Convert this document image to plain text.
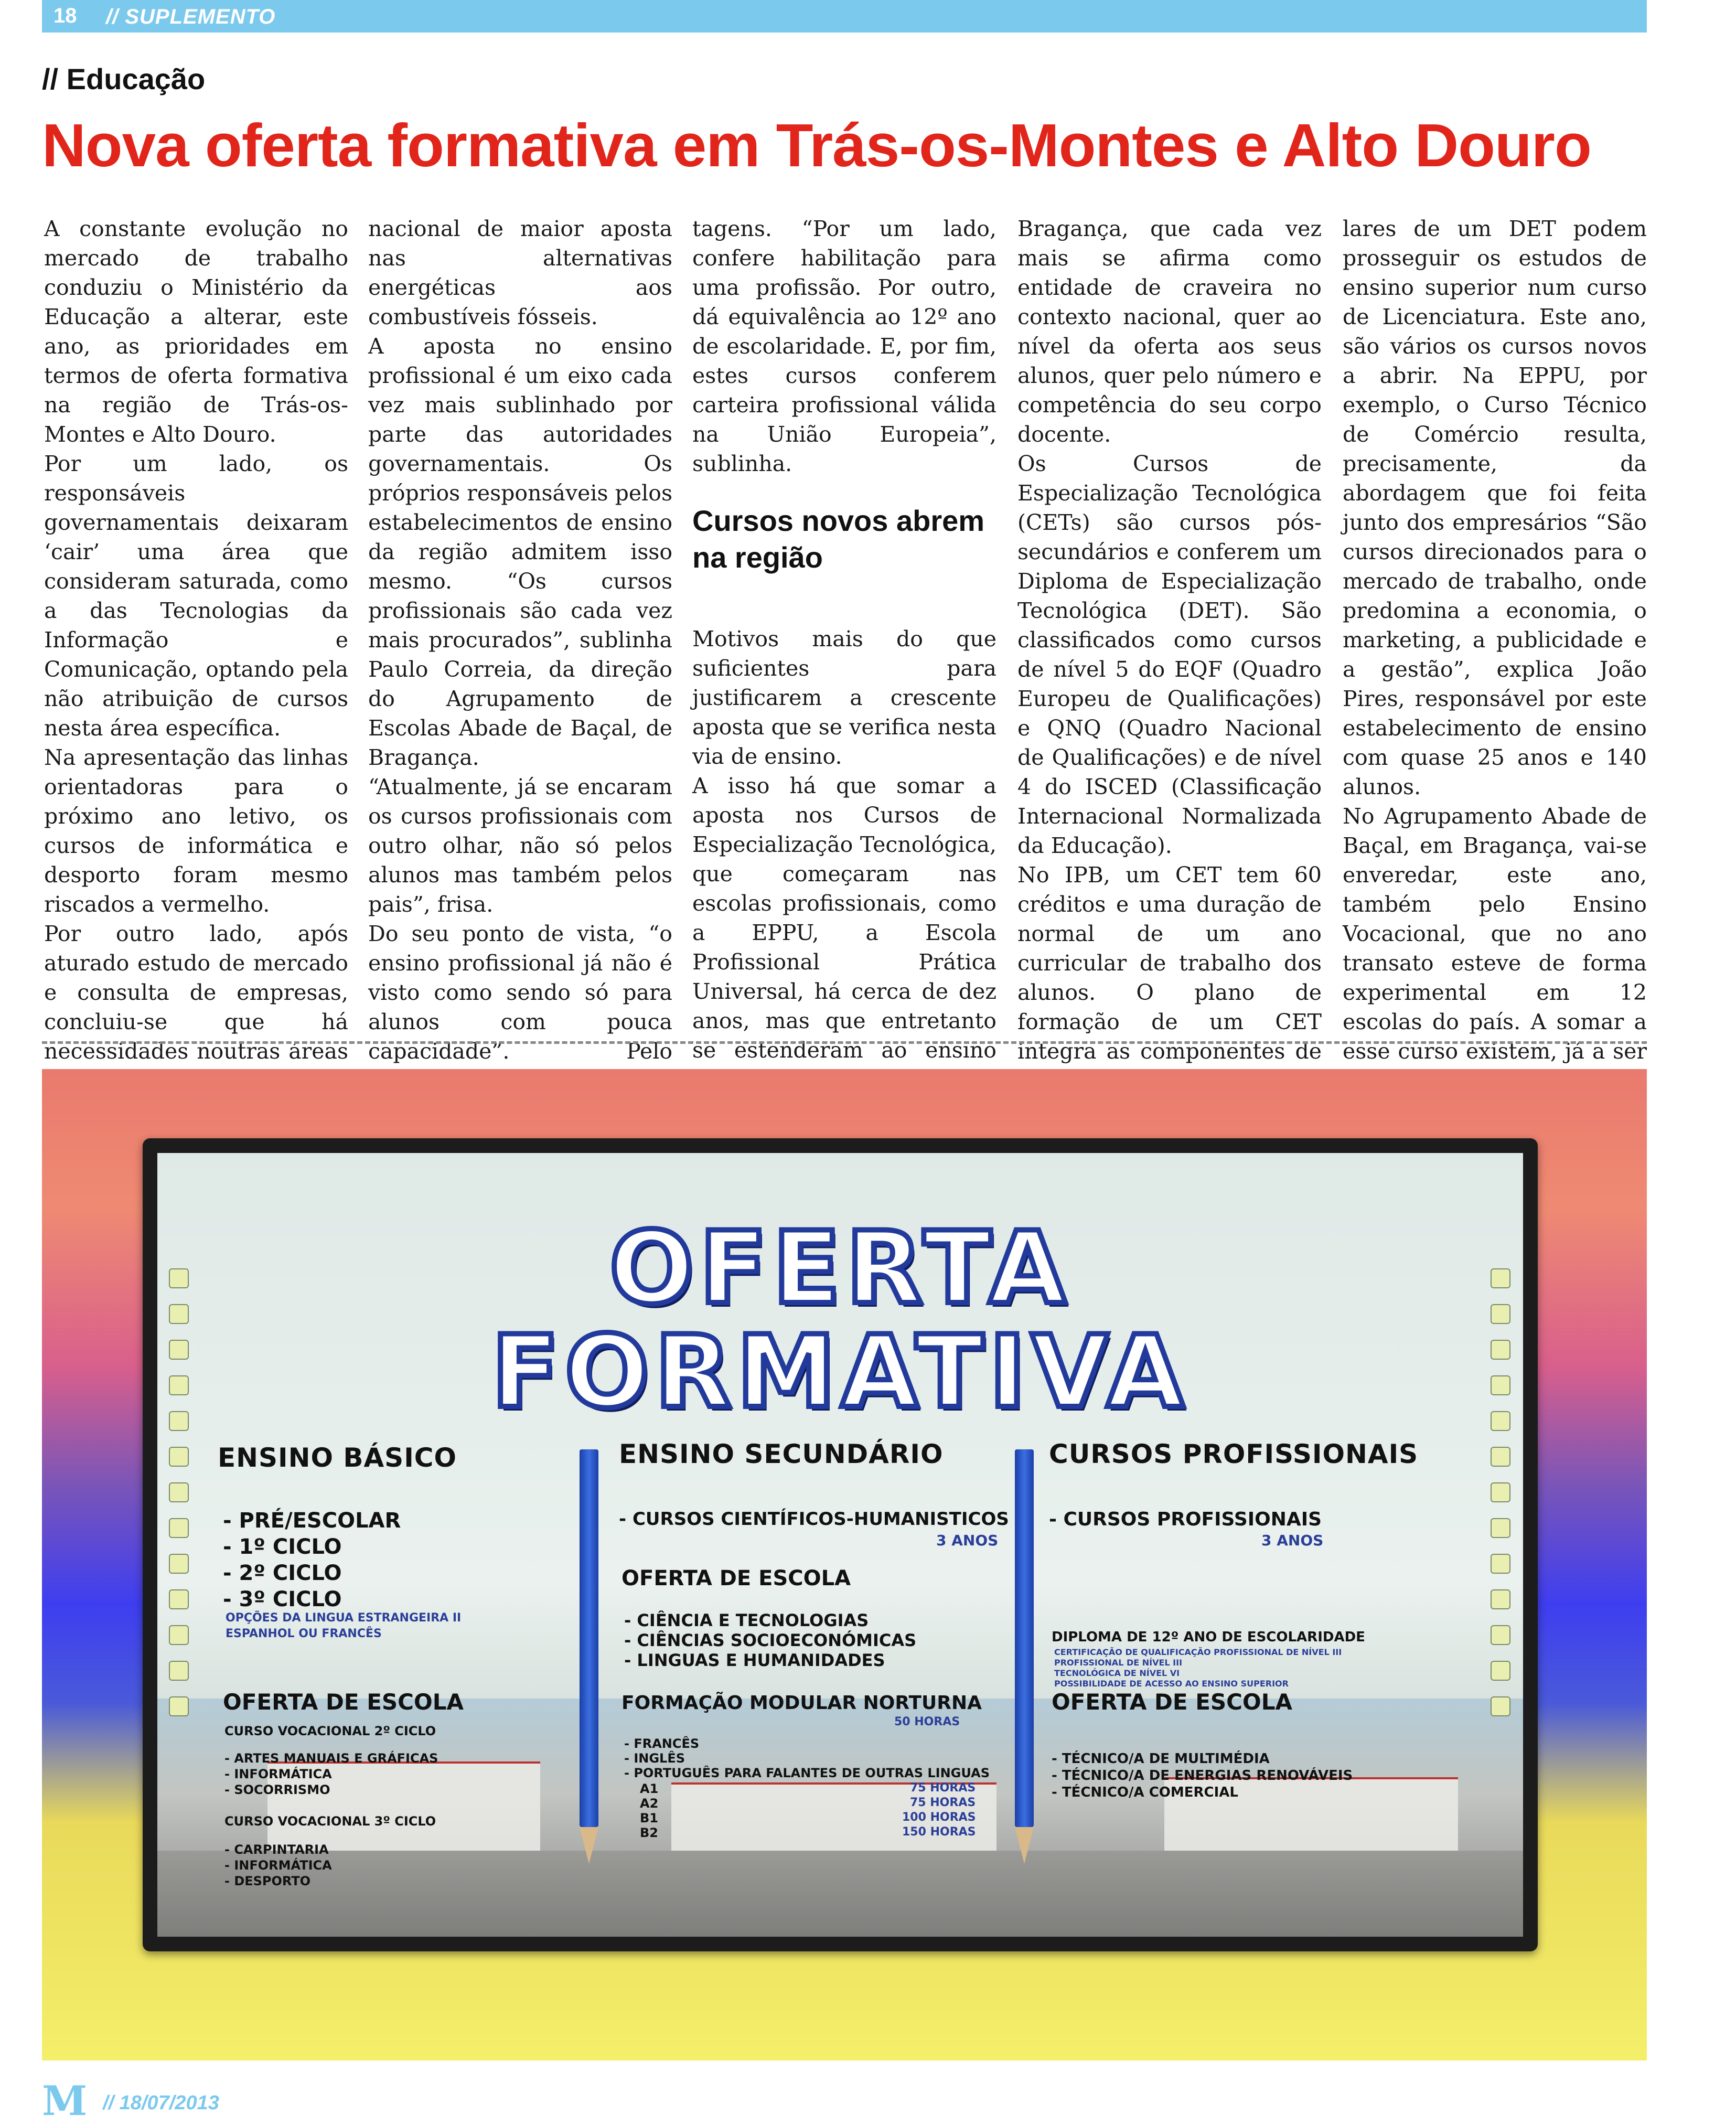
18 // SUPLEMENTO
// Educação
Nova oferta formativa em Trás-os-Montes e Alto Douro

A constante evolução no mercado de trabalho conduziu o Ministério da Educação a alterar, este ano, as prioridades em termos de oferta formativa na região de Trás-os-Montes e Alto Douro.

Por um lado, os responsáveis governamentais deixaram ‘cair’ uma área que consideram saturada, como a das Tecnologias da Informação e Comunicação, optando pela não atribuição de cursos nesta área específica.

Na apresentação das linhas orientadoras para o próximo ano letivo, os cursos de informática e desporto foram mesmo riscados a vermelho.

Por outro lado, após aturado estudo de mercado e consulta de empresas, concluiu-se que há necessidades noutras áreas

nacional de maior aposta nas alternativas energéticas aos combustíveis fósseis.

A aposta no ensino profissional é um eixo cada vez mais sublinhado por parte das autoridades governamentais. Os próprios responsáveis pelos estabelecimentos de ensino da região admitem isso mesmo. “Os cursos profissionais são cada vez mais procurados”, sublinha Paulo Correia, da direção do Agrupamento de Escolas Abade de Baçal, de Bragança.

“Atualmente, já se encaram os cursos profissionais com outro olhar, não só pelos alunos mas também pelos pais”, frisa.

Do seu ponto de vista, “o ensino profissional já não é visto como sendo só para alunos com pouca capacidade”. Pelo

tagens. “Por um lado, confere habilitação para uma profissão. Por outro, dá equivalência ao 12º ano de escolaridade. E, por fim, estes cursos conferem carteira profissional válida na União Europeia”, sublinha.

Cursos novos abrem na região

Motivos mais do que suficientes para justificarem a crescente aposta que se verifica nesta via de ensino.

A isso há que somar a aposta nos Cursos de Especialização Tecnológica, que começaram nas escolas profissionais, como a EPPU, a Escola Profissional Prática Universal, há cerca de dez anos, mas que entretanto se estenderam ao ensino

Bragança, que cada vez mais se afirma como entidade de craveira no contexto nacional, quer ao nível da oferta aos seus alunos, quer pelo número e competência do seu corpo docente.

Os Cursos de Especialização Tecnológica (CETs) são cursos pós-secundários e conferem um Diploma de Especialização Tecnológica (DET). São classificados como cursos de nível 5 do EQF (Quadro Europeu de Qualificações) e QNQ (Quadro Nacional de Qualificações) e de nível 4 do ISCED (Classificação Internacional Normalizada da Educação).

No IPB, um CET tem 60 créditos e uma duração de normal de um ano curricular de trabalho dos alunos. O plano de formação de um CET integra as componentes de

lares de um DET podem prosseguir os estudos de ensino superior num curso de Licenciatura. Este ano, são vários os cursos novos a abrir. Na EPPU, por exemplo, o Curso Técnico de Comércio resulta, precisamente, da abordagem que foi feita junto dos empresários “São cursos direcionados para o mercado de trabalho, onde predomina a economia, o marketing, a publicidade e a gestão”, explica João Pires, responsável por este estabelecimento de ensino com quase 25 anos e 140 alunos.

No Agrupamento Abade de Baçal, em Bragança, vai-se enveredar, este ano, também pelo Ensino Vocacional, que no ano transato esteve de forma experimental em 12 escolas do país. A somar a esse curso existem, já a ser

OFERTA
FORMATIVA
ENSINO BÁSICO
- PRÉ/ESCOLAR
- 1º CICLO
- 2º CICLO
- 3º CICLO
OPÇÕES DA LINGUA ESTRANGEIRA II
ESPANHOL OU FRANCÊS
OFERTA DE ESCOLA
CURSO VOCACIONAL 2º CICLO
- ARTES MANUAIS E GRÁFICAS
- INFORMÁTICA
- SOCORRISMO
CURSO VOCACIONAL 3º CICLO
- CARPINTARIA
- INFORMÁTICA
- DESPORTO
ENSINO SECUNDÁRIO
- CURSOS CIENTÍFICOS-HUMANISTICOS
3 ANOS
OFERTA DE ESCOLA
- CIÊNCIA E TECNOLOGIAS
- CIÊNCIAS SOCIOECONÓMICAS
- LINGUAS E HUMANIDADES
FORMAÇÃO MODULAR NORTURNA
50 HORAS
- FRANCÊS
- INGLÊS
- PORTUGUÊS PARA FALANTES DE OUTRAS LINGUAS
A1	75 HORAS
A2	75 HORAS
B1	100 HORAS
B2	150 HORAS
CURSOS PROFISSIONAIS
- CURSOS PROFISSIONAIS
3 ANOS
DIPLOMA DE 12º ANO DE ESCOLARIDADE
CERTIFICAÇÃO DE QUALIFICAÇÃO PROFISSIONAL DE NÍVEL III
PROFISSIONAL DE NÍVEL III
TECNOLÓGICA DE NÍVEL VI
POSSIBILIDADE DE ACESSO AO ENSINO SUPERIOR
OFERTA DE ESCOLA
- TÉCNICO/A DE MULTIMÉDIA
- TÉCNICO/A DE ENERGIAS RENOVÁVEIS
- TÉCNICO/A COMERCIAL
M // 18/07/2013
